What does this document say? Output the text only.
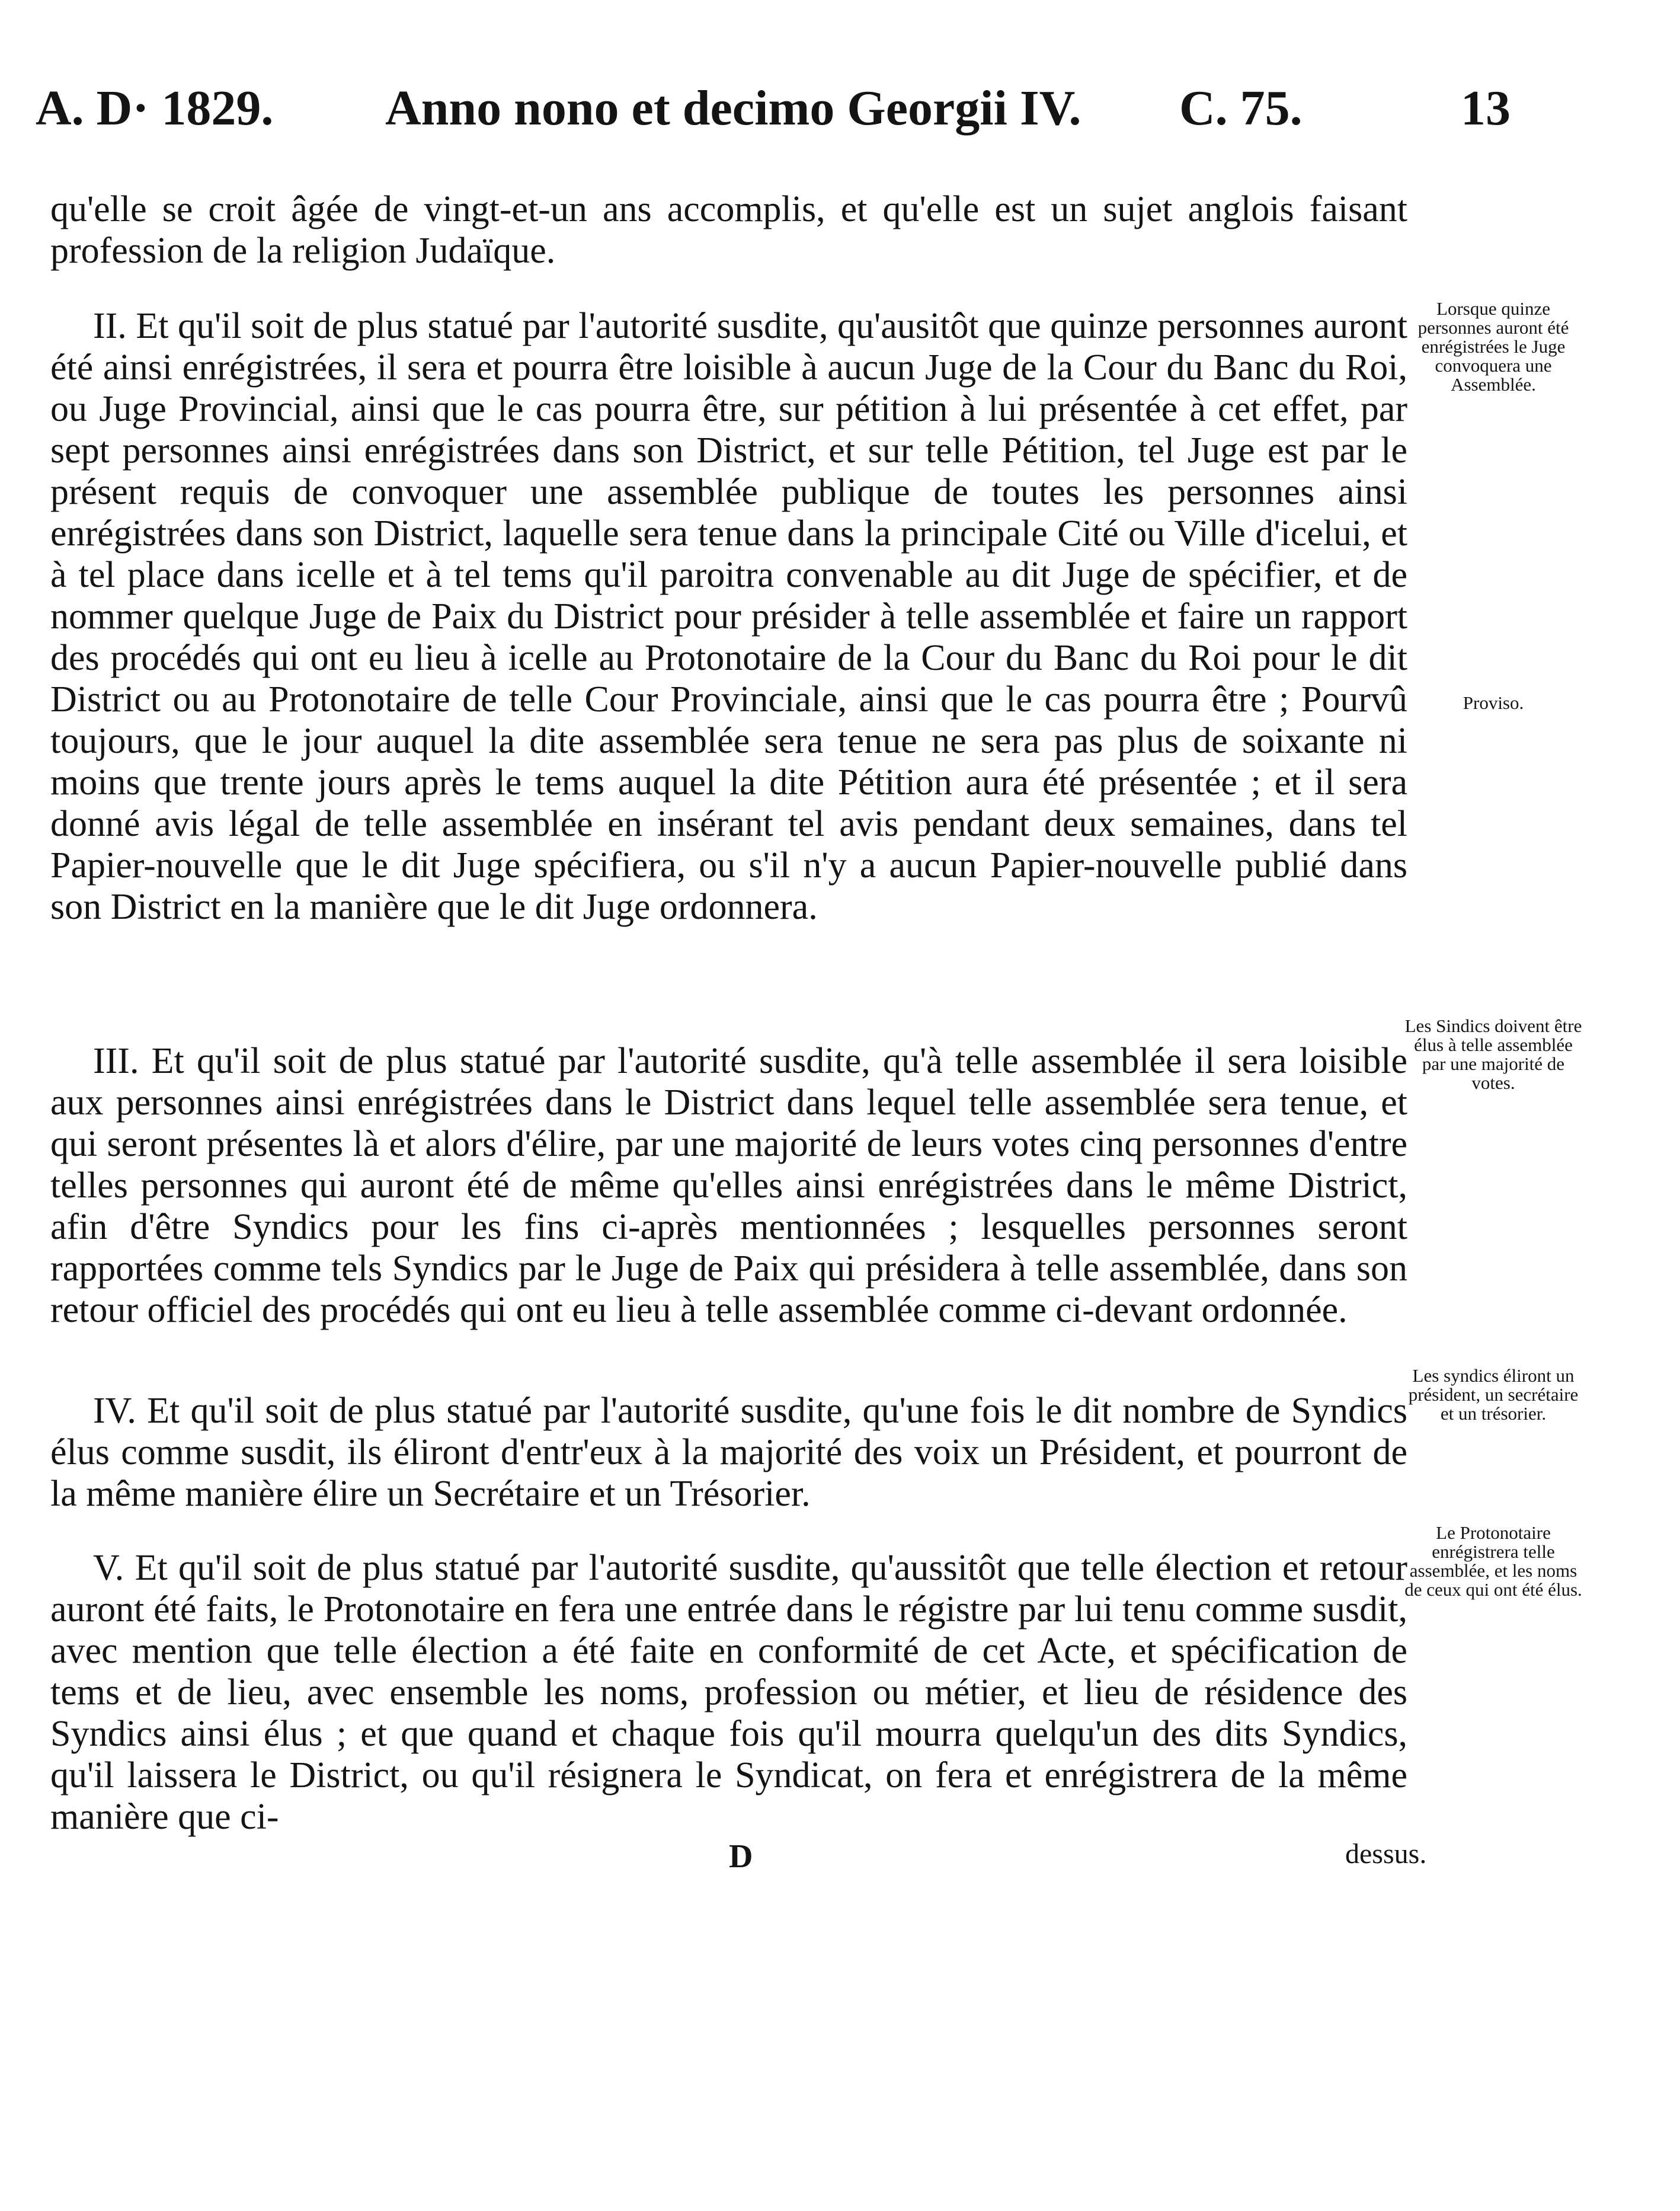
A. D· 1829. Anno nono et decimo Georgii IV. C. 75.	13
qu'elle se croit âgée de vingt-et-un ans accomplis, et qu'elle est un sujet anglois faisant profession de la religion Judaïque.
II. Et qu'il soit de plus statué par l'autorité susdite, qu'ausitôt que quinze personnes auront été ainsi enrégistrées, il sera et pourra être loisible à aucun Juge de la Cour du Banc du Roi, ou Juge Provincial, ainsi que le cas pourra être, sur pétition à lui présentée à cet effet, par sept personnes ainsi enrégistrées dans son District, et sur telle Pétition, tel Juge est par le présent requis de convoquer une assemblée publique de toutes les personnes ainsi enrégistrées dans son District, laquelle sera tenue dans la principale Cité ou Ville d'icelui, et à tel place dans icelle et à tel tems qu'il paroitra convenable au dit Juge de spécifier, et de nommer quelque Juge de Paix du District pour présider à telle assemblée et faire un rapport des procédés qui ont eu lieu à icelle au Protonotaire de la Cour du Banc du Roi pour le dit District ou au Protonotaire de telle Cour Provinciale, ainsi que le cas pourra être ; Pourvû toujours, que le jour auquel la dite assemblée sera tenue ne sera pas plus de soixante ni moins que trente jours après le tems auquel la dite Pétition aura été présentée ; et il sera donné avis légal de telle assemblée en insérant tel avis pendant deux semaines, dans tel Papier-nouvelle que le dit Juge spécifiera, ou s'il n'y a aucun Papier-nouvelle publié dans son District en la manière que le dit Juge ordonnera.
III. Et qu'il soit de plus statué par l'autorité susdite, qu'à telle assemblée il sera loisible aux personnes ainsi enrégistrées dans le District dans lequel telle assemblée sera tenue, et qui seront présentes là et alors d'élire, par une majorité de leurs votes cinq personnes d'entre telles personnes qui auront été de même qu'elles ainsi enrégistrées dans le même District, afin d'être Syndics pour les fins ci-après mentionnées ; lesquelles personnes seront rapportées comme tels Syndics par le Juge de Paix qui présidera à telle assemblée, dans son retour officiel des procédés qui ont eu lieu à telle assemblée comme ci-devant ordonnée.
IV. Et qu'il soit de plus statué par l'autorité susdite, qu'une fois le dit nombre de Syndics élus comme susdit, ils éliront d'entr'eux à la majorité des voix un Président, et pourront de la même manière élire un Secrétaire et un Trésorier.
V. Et qu'il soit de plus statué par l'autorité susdite, qu'aussitôt que telle élection et retour auront été faits, le Protonotaire en fera une entrée dans le régistre par lui tenu comme susdit, avec mention que telle élection a été faite en conformité de cet Acte, et spécification de tems et de lieu, avec ensemble les noms, profession ou métier, et lieu de résidence des Syndics ainsi élus ; et que quand et chaque fois qu'il mourra quelqu'un des dits Syndics, qu'il laissera le District, ou qu'il résignera le Syndicat, on fera et enrégistrera de la même manière que ci-
Lorsque quinze personnes auront été enrégistrées le Juge convoquera une Assemblée.
Proviso.
Les Sindics doivent être élus à telle assemblée par une majorité de votes.
Les syndics éliront un président, un secrétaire et un trésorier.
Le Protonotaire enrégistrera telle assemblée, et les noms de ceux qui ont été élus.
D	dessus.
